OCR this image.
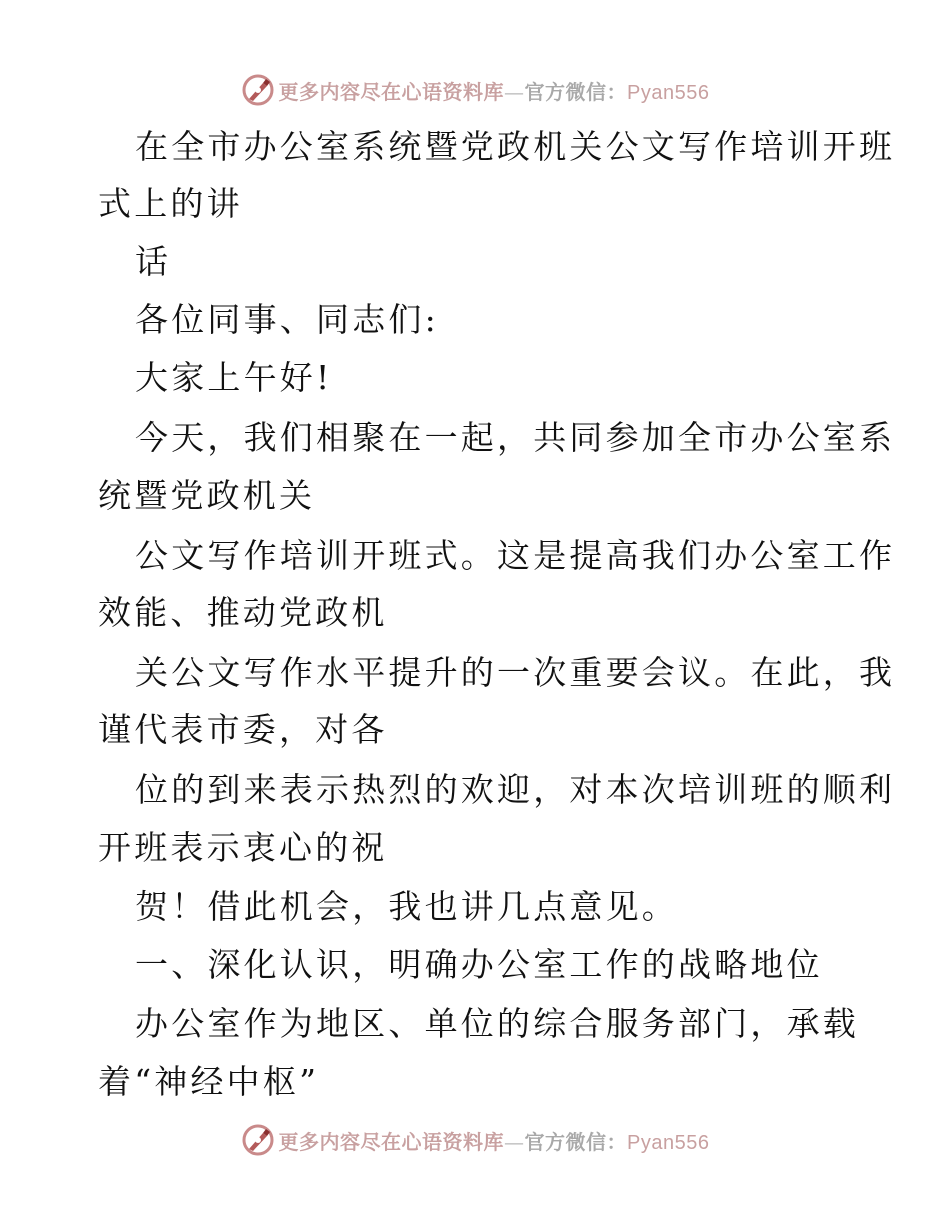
更多内容尽在心语资料库—官方微信：Pyan556
在全市办公室系统暨党政机关公文写作培训开班
式上的讲
话
各位同事、同志们:
大家上午好!
今天，我们相聚在一起，共同参加全市办公室系
统暨党政机关
公文写作培训开班式。这是提高我们办公室工作
效能、推动党政机
关公文写作水平提升的一次重要会议。在此，我
谨代表市委，对各
位的到来表示热烈的欢迎，对本次培训班的顺利
开班表示衷心的祝
贺！借此机会，我也讲几点意见。
一、深化认识，明确办公室工作的战略地位
办公室作为地区、单位的综合服务部门，承载
着“神经中枢”
更多内容尽在心语资料库—官方微信：Pyan556
